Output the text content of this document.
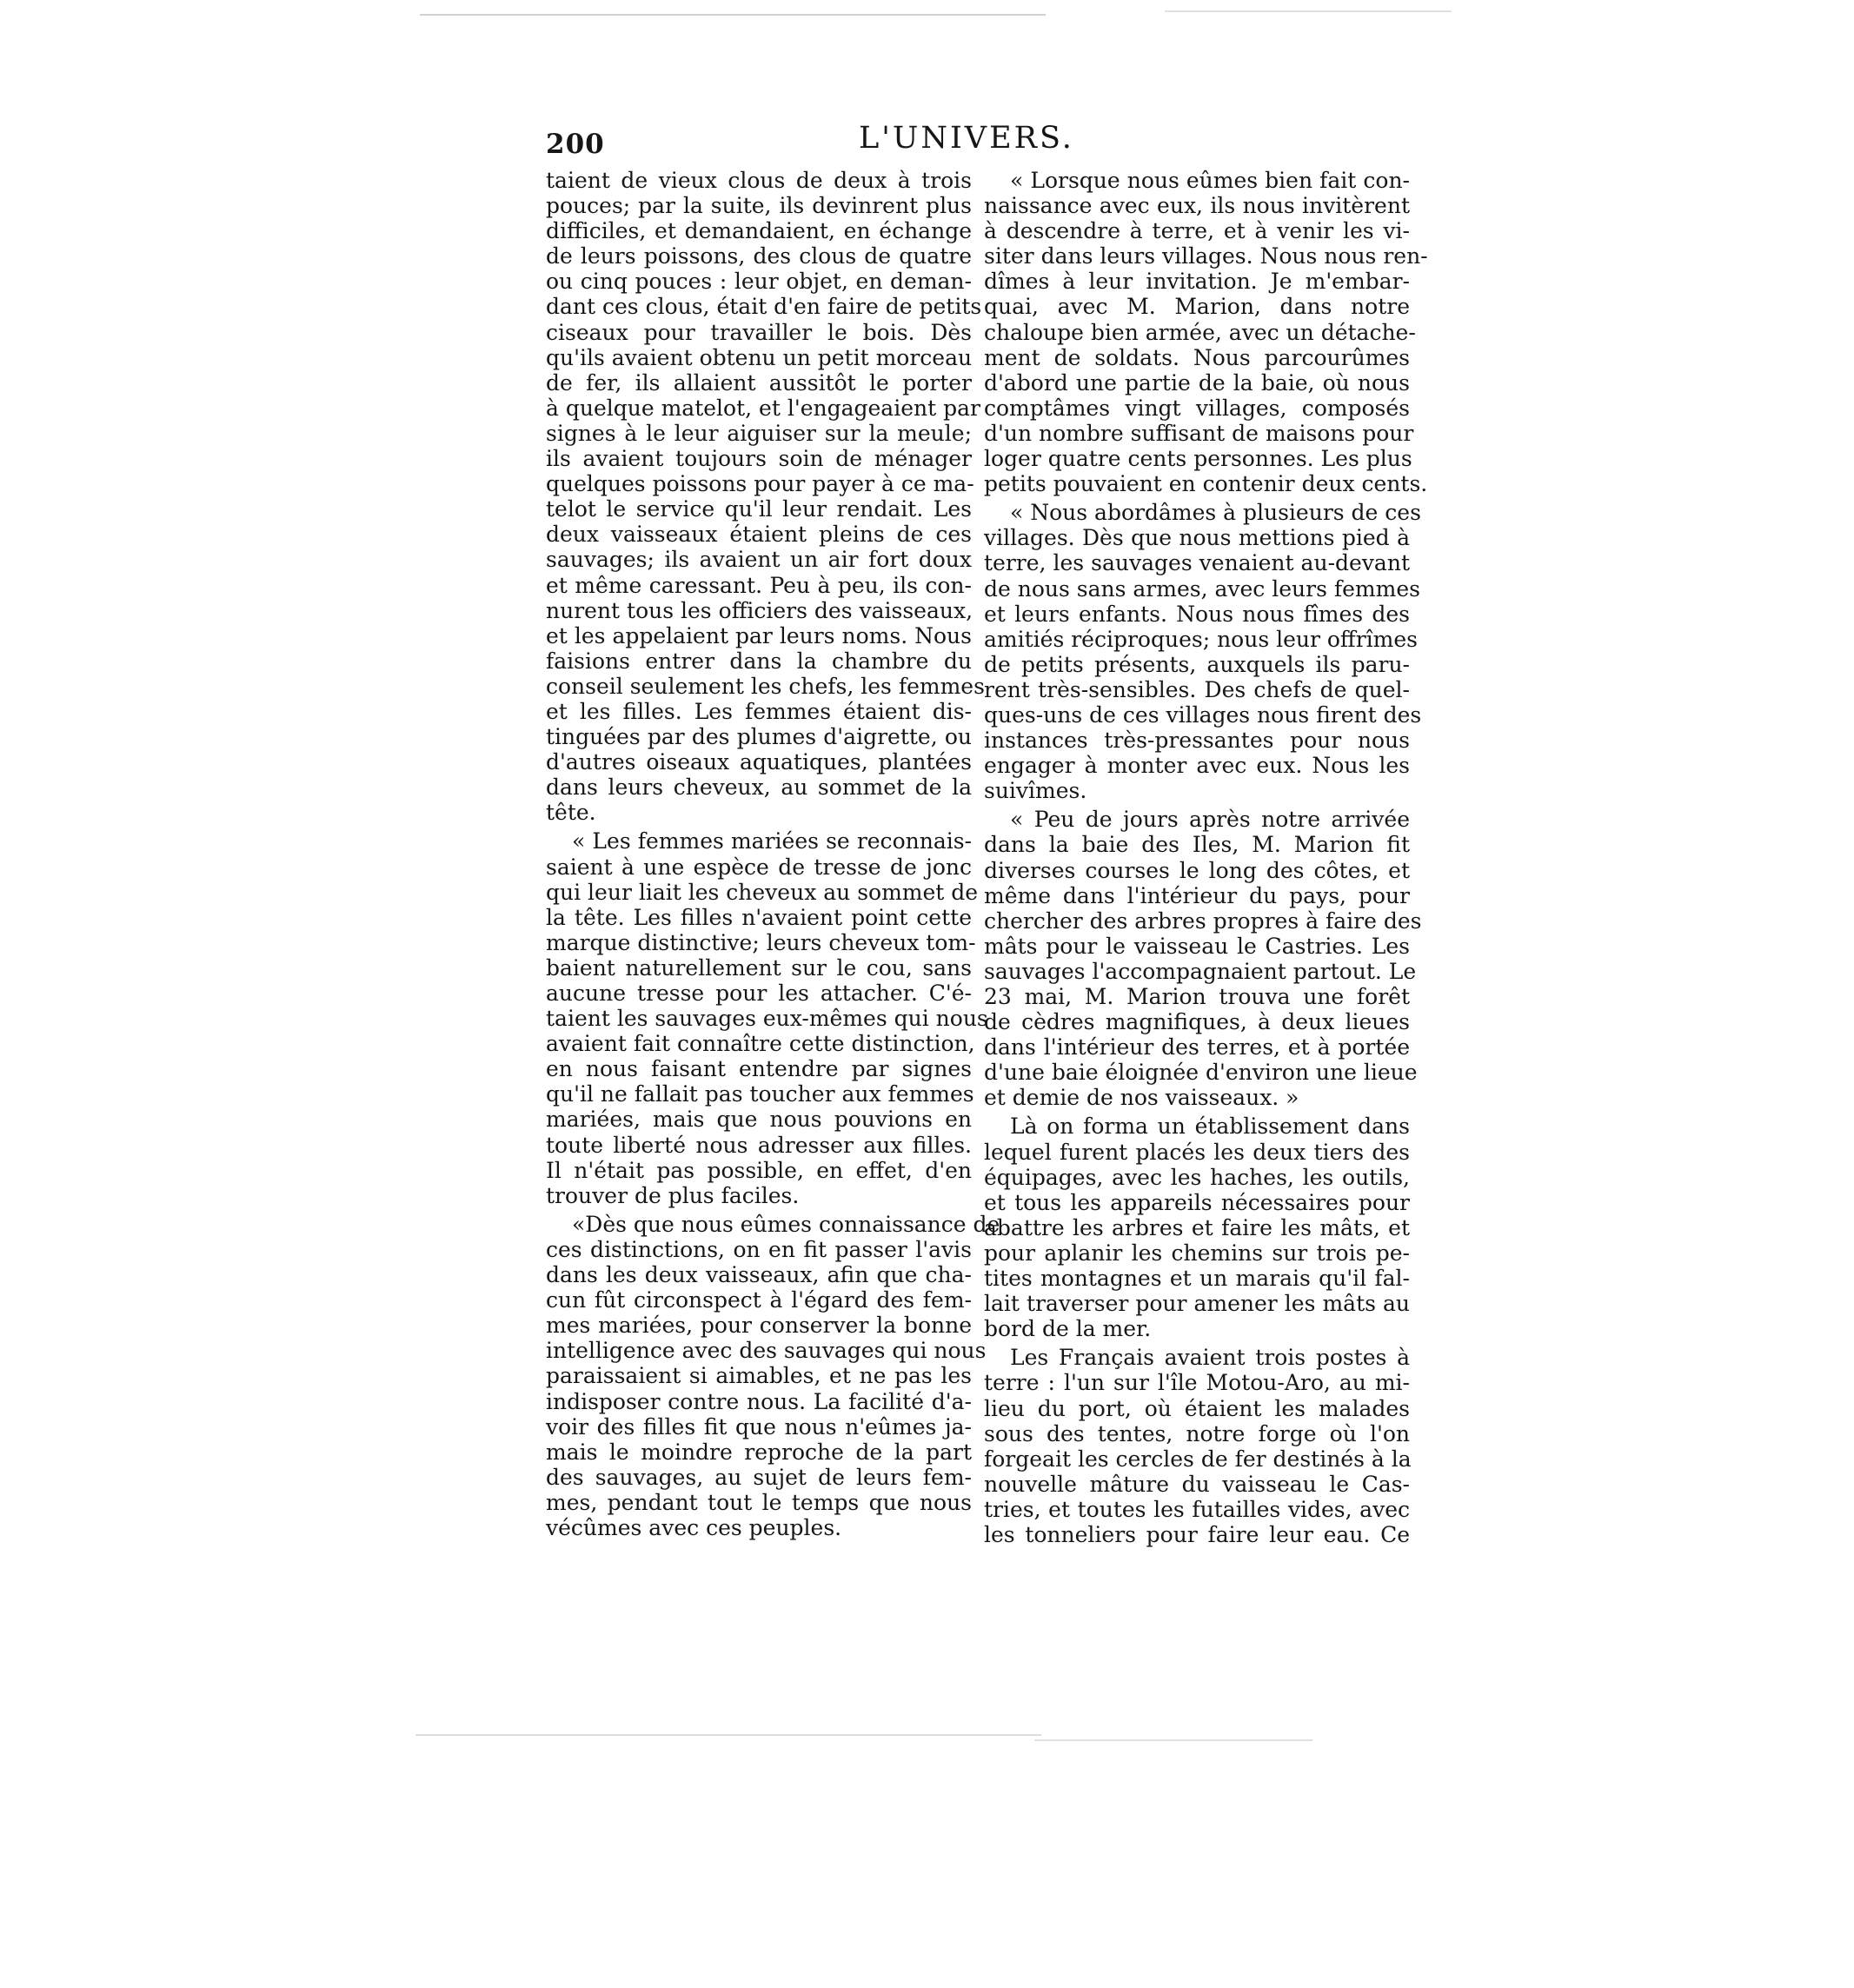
200	L'UNIVERS.
taient de vieux clous de deux à trois
pouces; par la suite, ils devinrent plus
difficiles, et demandaient, en échange
de leurs poissons, des clous de quatre
ou cinq pouces : leur objet, en deman-
dant ces clous, était d'en faire de petits
ciseaux pour travailler le bois. Dès
qu'ils avaient obtenu un petit morceau
de fer, ils allaient aussitôt le porter
à quelque matelot, et l'engageaient par
signes à le leur aiguiser sur la meule;
ils avaient toujours soin de ménager
quelques poissons pour payer à ce ma-
telot le service qu'il leur rendait. Les
deux vaisseaux étaient pleins de ces
sauvages; ils avaient un air fort doux
et même caressant. Peu à peu, ils con-
nurent tous les officiers des vaisseaux,
et les appelaient par leurs noms. Nous
faisions entrer dans la chambre du
conseil seulement les chefs, les femmes
et les filles. Les femmes étaient dis-
tinguées par des plumes d'aigrette, ou
d'autres oiseaux aquatiques, plantées
dans leurs cheveux, au sommet de la
tête.
« Les femmes mariées se reconnais-
saient à une espèce de tresse de jonc
qui leur liait les cheveux au sommet de
la tête. Les filles n'avaient point cette
marque distinctive; leurs cheveux tom-
baient naturellement sur le cou, sans
aucune tresse pour les attacher. C'é-
taient les sauvages eux-mêmes qui nous
avaient fait connaître cette distinction,
en nous faisant entendre par signes
qu'il ne fallait pas toucher aux femmes
mariées, mais que nous pouvions en
toute liberté nous adresser aux filles.
Il n'était pas possible, en effet, d'en
trouver de plus faciles.
«Dès que nous eûmes connaissance de
ces distinctions, on en fit passer l'avis
dans les deux vaisseaux, afin que cha-
cun fût circonspect à l'égard des fem-
mes mariées, pour conserver la bonne
intelligence avec des sauvages qui nous
paraissaient si aimables, et ne pas les
indisposer contre nous. La facilité d'a-
voir des filles fit que nous n'eûmes ja-
mais le moindre reproche de la part
des sauvages, au sujet de leurs fem-
mes, pendant tout le temps que nous
vécûmes avec ces peuples.
« Lorsque nous eûmes bien fait con-
naissance avec eux, ils nous invitèrent
à descendre à terre, et à venir les vi-
siter dans leurs villages. Nous nous ren-
dîmes à leur invitation. Je m'embar-
quai, avec M. Marion, dans notre
chaloupe bien armée, avec un détache-
ment de soldats. Nous parcourûmes
d'abord une partie de la baie, où nous
comptâmes vingt villages, composés
d'un nombre suffisant de maisons pour
loger quatre cents personnes. Les plus
petits pouvaient en contenir deux cents.
« Nous abordâmes à plusieurs de ces
villages. Dès que nous mettions pied à
terre, les sauvages venaient au-devant
de nous sans armes, avec leurs femmes
et leurs enfants. Nous nous fîmes des
amitiés réciproques; nous leur offrîmes
de petits présents, auxquels ils paru-
rent très-sensibles. Des chefs de quel-
ques-uns de ces villages nous firent des
instances très-pressantes pour nous
engager à monter avec eux. Nous les
suivîmes.
« Peu de jours après notre arrivée
dans la baie des Iles, M. Marion fit
diverses courses le long des côtes, et
même dans l'intérieur du pays, pour
chercher des arbres propres à faire des
mâts pour le vaisseau le Castries. Les
sauvages l'accompagnaient partout. Le
23 mai, M. Marion trouva une forêt
de cèdres magnifiques, à deux lieues
dans l'intérieur des terres, et à portée
d'une baie éloignée d'environ une lieue
et demie de nos vaisseaux. »
Là on forma un établissement dans
lequel furent placés les deux tiers des
équipages, avec les haches, les outils,
et tous les appareils nécessaires pour
abattre les arbres et faire les mâts, et
pour aplanir les chemins sur trois pe-
tites montagnes et un marais qu'il fal-
lait traverser pour amener les mâts au
bord de la mer.
Les Français avaient trois postes à
terre : l'un sur l'île Motou-Aro, au mi-
lieu du port, où étaient les malades
sous des tentes, notre forge où l'on
forgeait les cercles de fer destinés à la
nouvelle mâture du vaisseau le Cas-
tries, et toutes les futailles vides, avec
les tonneliers pour faire leur eau. Ce
